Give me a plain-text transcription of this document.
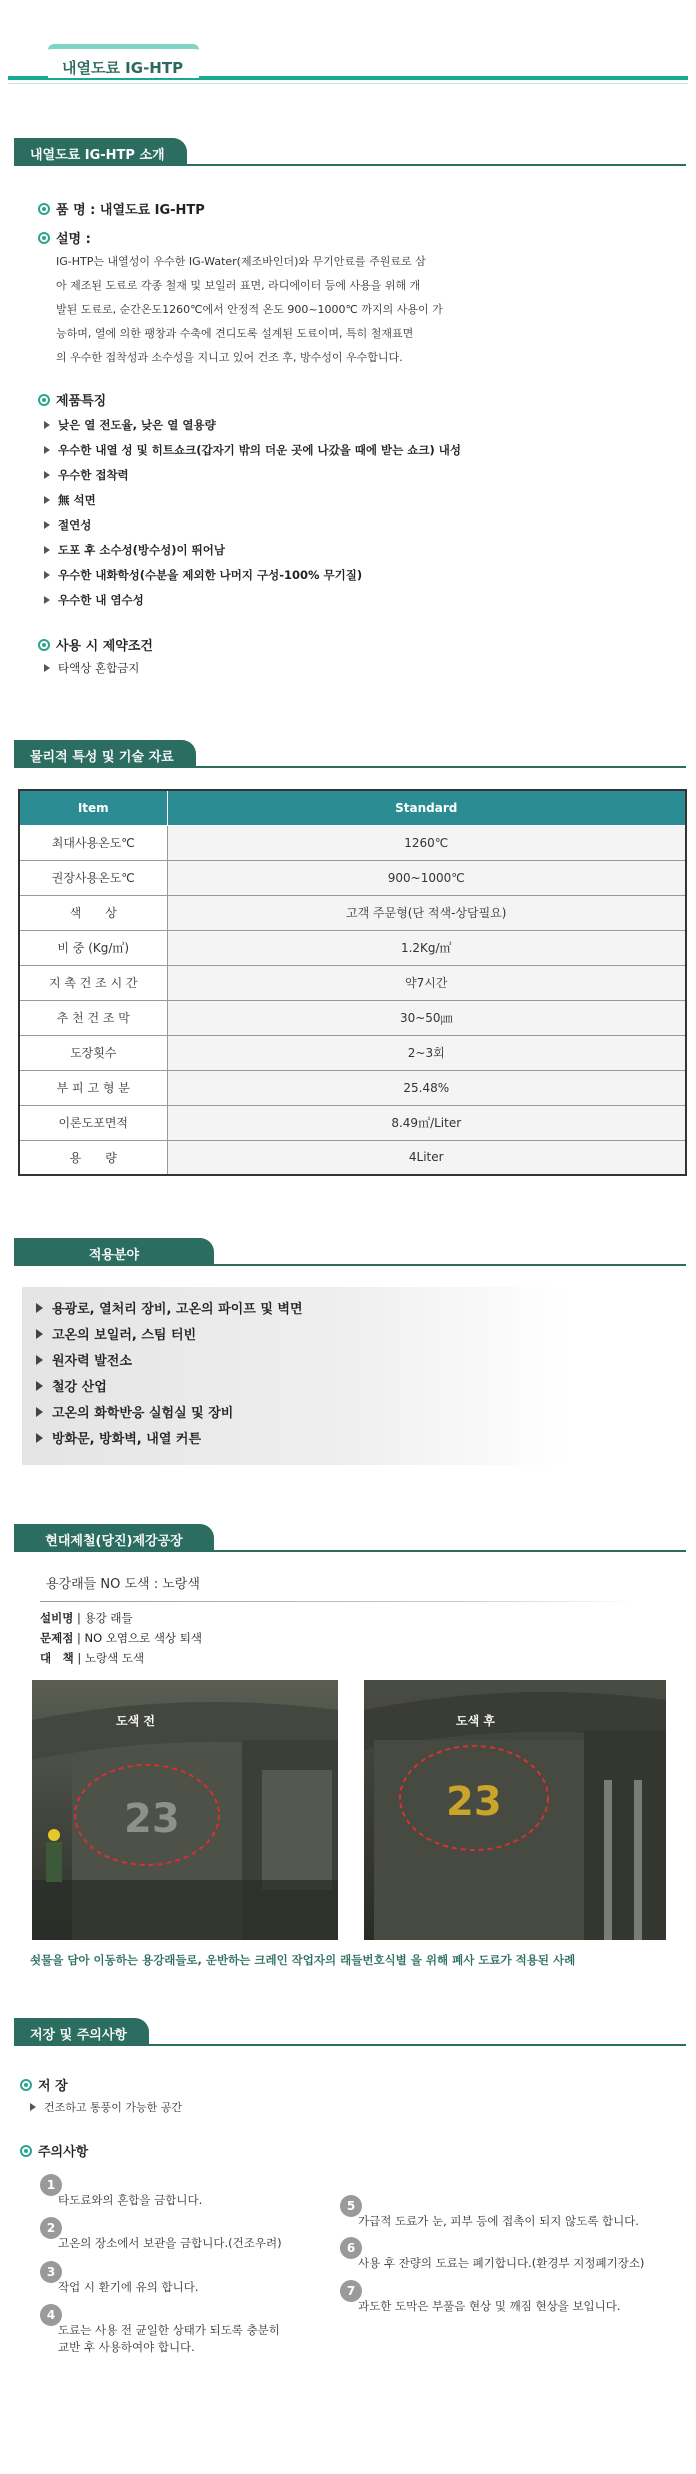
내열도료 IG-HTP
내열도료 IG-HTP 소개
품 명 : 내열도료 IG-HTP
설명 :
IG-HTP는 내열성이 우수한 IG-Water(제조바인더)와 무기안료를 주원료로 삼
아 제조된 도료로 각종 철재 및 보일러 표면, 라디에이터 등에 사용을 위해 개
발된 도료로, 순간온도1260℃에서 안정적 온도 900~1000℃ 까지의 사용이 가
능하며, 열에 의한 팽창과 수축에 견디도록 설계된 도료이며, 특히 철재표면
의 우수한 접착성과 소수성을 지니고 있어 건조 후, 방수성이 우수합니다.
제품특징
낮은 열 전도율, 낮은 열 열용량
우수한 내열 성 및 히트쇼크(갑자기 밖의 더운 곳에 나갔을 때에 받는 쇼크) 내성
우수한 접착력
無 석면
절연성
도포 후 소수성(방수성)이 뛰어남
우수한 내화학성(수분을 제외한 나머지 구성-100% 무기질)
우수한 내 염수성
사용 시 제약조건
타액상 혼합금지
물리적 특성 및 기술 자료
Item	Standard
최대사용온도℃	1260℃
권장사용온도℃	900~1000℃
색　　상	고객 주문형(단 적색-상담필요)
비 중 (Kg/㎥)	1.2Kg/㎥
지 촉 건 조 시 간	약7시간
추 천 건 조 막	30~50㎛
도장횟수	2~3회
부 피 고 형 분	25.48%
이론도포면적	8.49㎡/Liter
용　　량	4Liter
적용분야
용광로, 열처리 장비, 고온의 파이프 및 벽면
고온의 보일러, 스팀 터빈
원자력 발전소
철강 산업
고온의 화학반응 실험실 및 장비
방화문, 방화벽, 내열 커튼
현대제철(당진)제강공장
용강래들 NO 도색 : 노랑색
설비명 | 용강 래들
문제점 | NO 오염으로 색상 퇴색
대　책 | 노랑색 도색
23
도색 전
23
도색 후
쇳물을 담아 이동하는 용강래들로, 운반하는 크레인 작업자의 래들번호식별 을 위해 폐사 도료가 적용된 사례
저장 및 주의사항
저 장
건조하고 통풍이 가능한 공간
주의사항
1
타도료와의 혼합을 금합니다.
2
고온의 장소에서 보관을 금합니다.(건조우려)
3
작업 시 환기에 유의 합니다.
4
도료는 사용 전 균일한 상태가 되도록 충분히
교반 후 사용하여야 합니다.
5
가급적 도료가 눈, 피부 등에 접촉이 되지 않도록 합니다.
6
사용 후 잔량의 도료는 폐기합니다.(환경부 지정폐기장소)
7
과도한 도막은 부풀음 현상 및 깨짐 현상을 보입니다.
